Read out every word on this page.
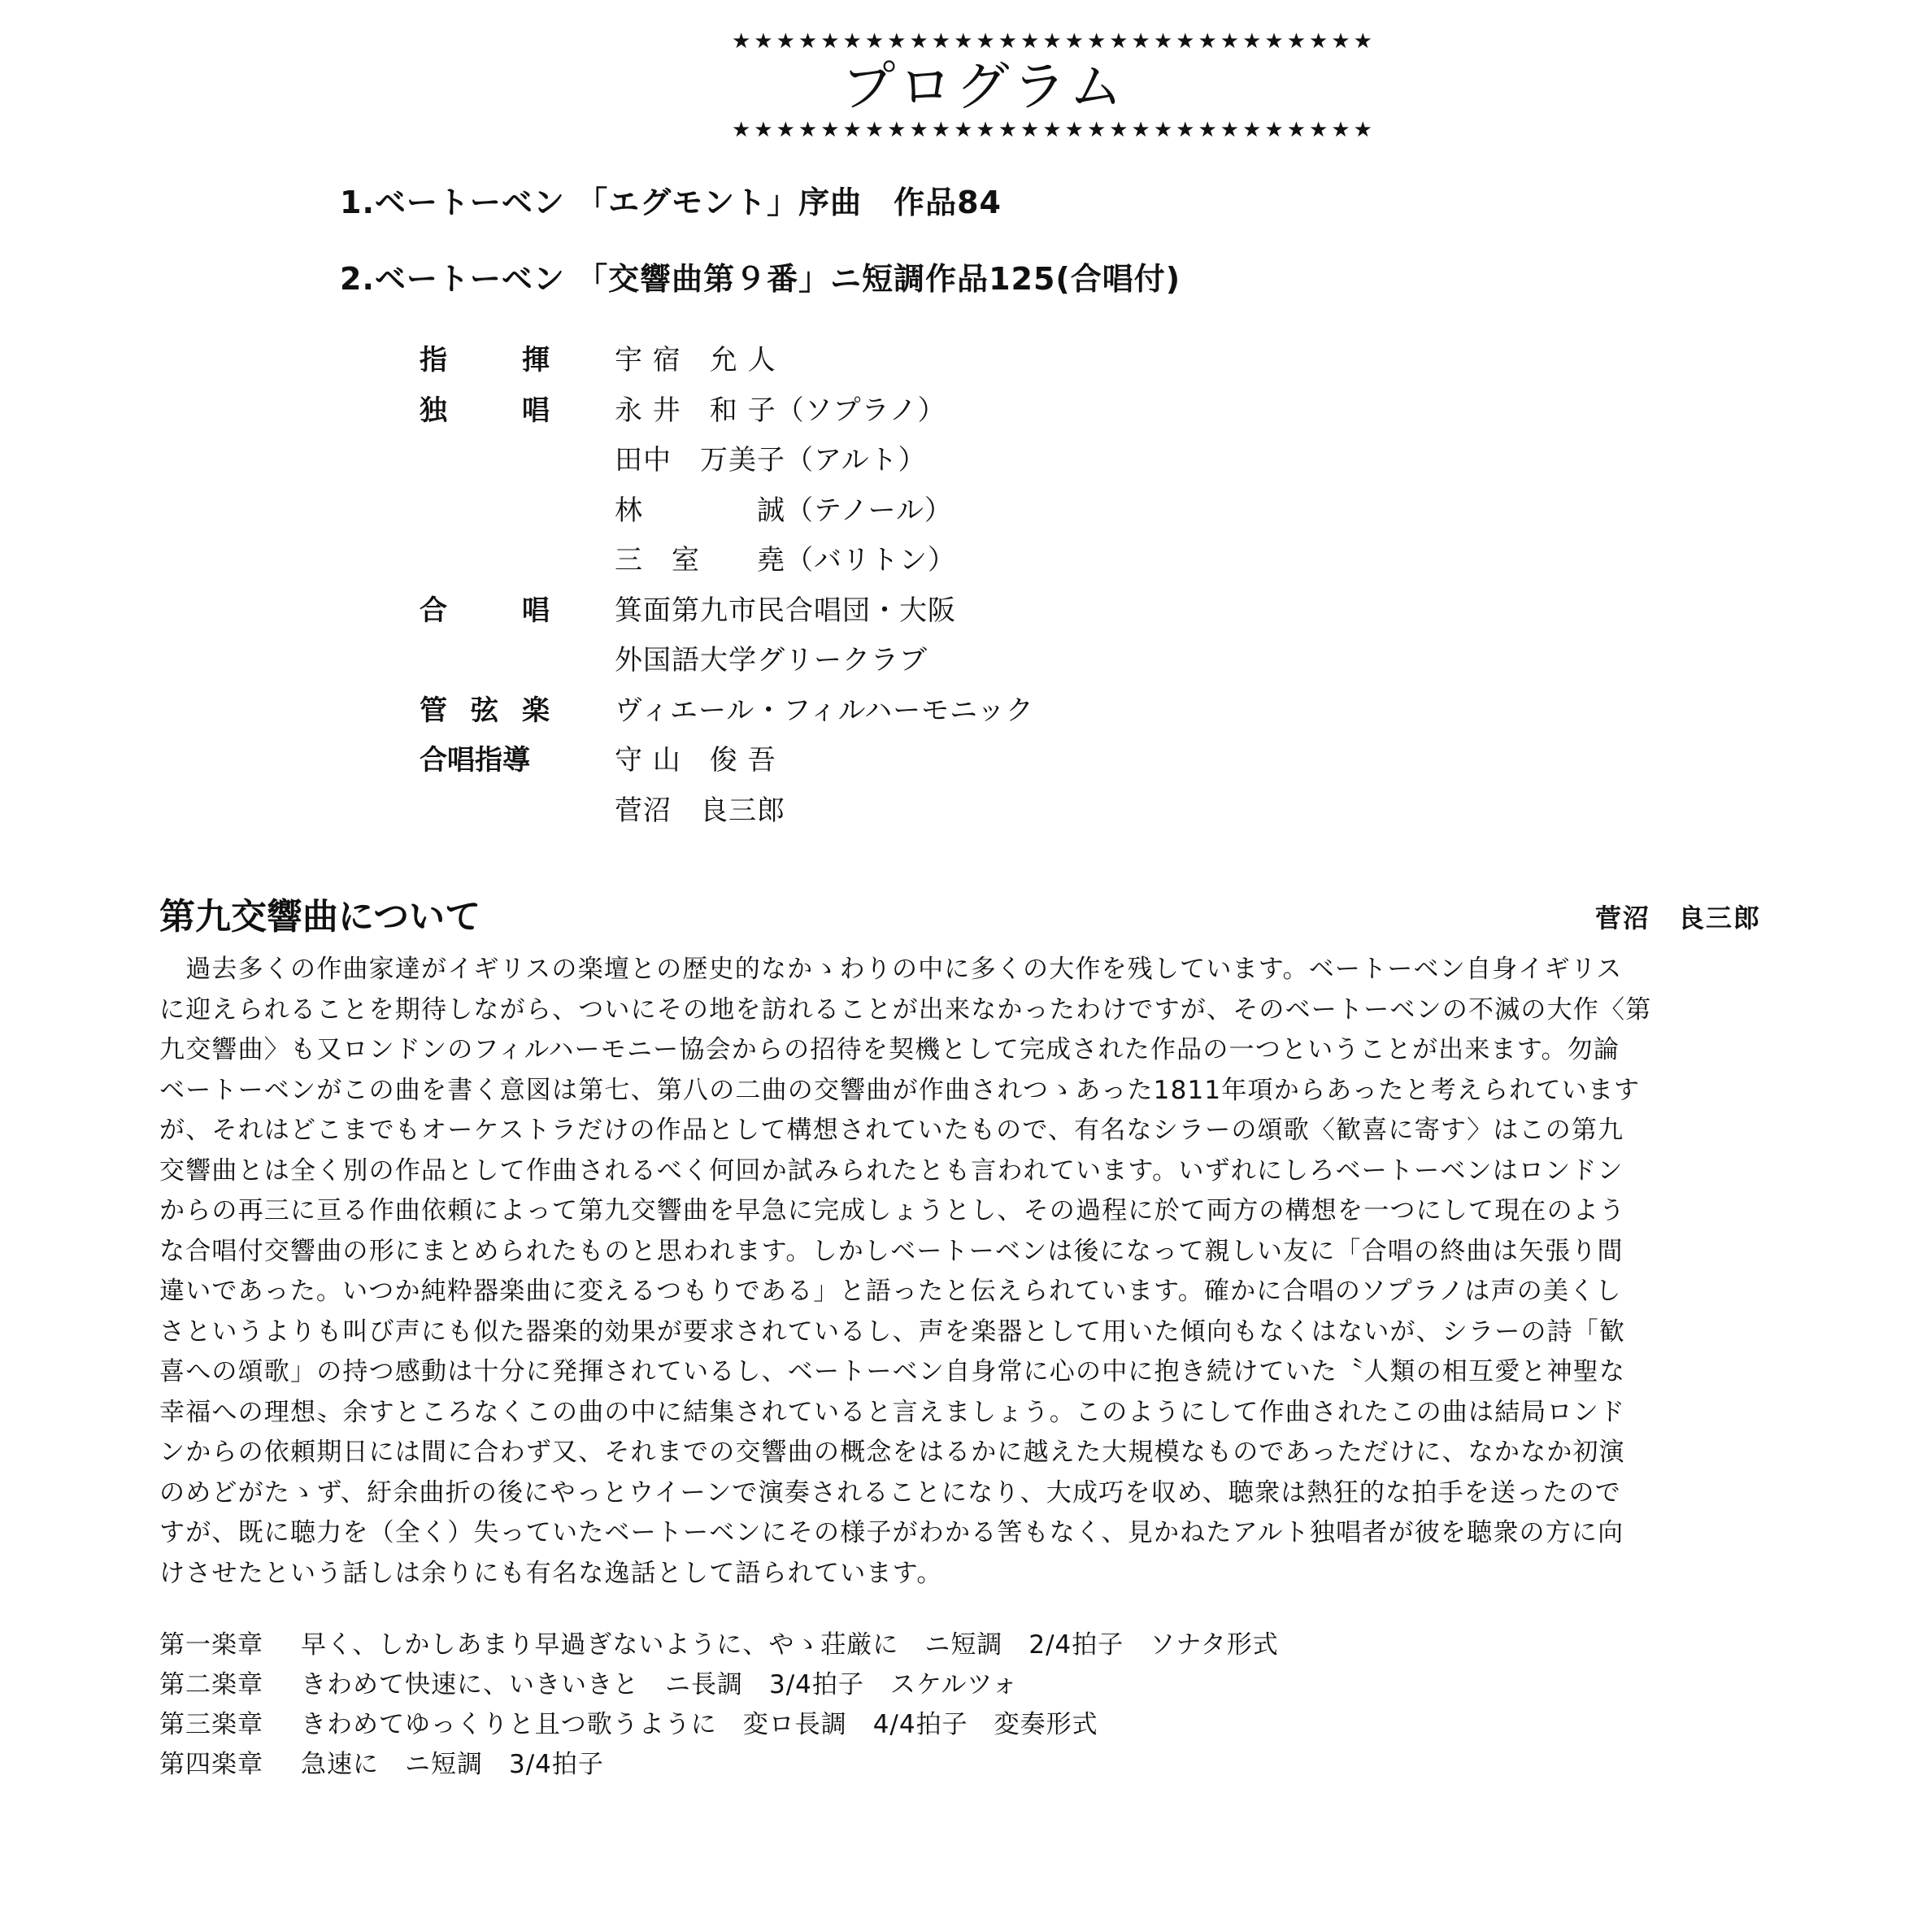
★★★★★★★★★★★★★★★★★★★★★★★★★★★★★
プログラム
★★★★★★★★★★★★★★★★★★★★★★★★★★★★★
1.ベートーベン 「エグモント」序曲　作品84
2.ベートーベン 「交響曲第９番」ニ短調作品125(合唱付)
指	揮 宇 宿　允 人
独	唱 永 井　和 子（ソプラノ）
田中　万美子（アルト）
林　　　　誠（テノール）
三　室　　堯（バリトン）
合	唱 箕面第九市民合唱団・大阪
外国語大学グリークラブ
管 弦 楽 ヴィエール・フィルハーモニック
合唱指導	守 山　俊 吾
菅沼　良三郎
第九交響曲について	菅沼　良三郎
　過去多くの作曲家達がイギリスの楽壇との歴史的なかゝわりの中に多くの大作を残しています。ベートーベン自身イギリス
に迎えられることを期待しながら、ついにその地を訪れることが出来なかったわけですが、そのベートーベンの不滅の大作〈第
九交響曲〉も又ロンドンのフィルハーモニー協会からの招待を契機として完成された作品の一つということが出来ます。勿論
ベートーベンがこの曲を書く意図は第七、第八の二曲の交響曲が作曲されつゝあった1811年項からあったと考えられています
が、それはどこまでもオーケストラだけの作品として構想されていたもので、有名なシラーの頌歌〈歓喜に寄す〉はこの第九
交響曲とは全く別の作品として作曲されるべく何回か試みられたとも言われています。いずれにしろベートーベンはロンドン
からの再三に亘る作曲依頼によって第九交響曲を早急に完成しょうとし、その過程に於て両方の構想を一つにして現在のよう
な合唱付交響曲の形にまとめられたものと思われます。しかしベートーベンは後になって親しい友に「合唱の終曲は矢張り間
違いであった。いつか純粋器楽曲に変えるつもりである」と語ったと伝えられています。確かに合唱のソプラノは声の美くし
さというよりも叫び声にも似た器楽的効果が要求されているし、声を楽器として用いた傾向もなくはないが、シラーの詩「歓
喜への頌歌」の持つ感動は十分に発揮されているし、ベートーベン自身常に心の中に抱き続けていた〝人類の相互愛と神聖な
幸福への理想〟余すところなくこの曲の中に結集されていると言えましょう。このようにして作曲されたこの曲は結局ロンド
ンからの依頼期日には間に合わず又、それまでの交響曲の概念をはるかに越えた大規模なものであっただけに、なかなか初演
のめどがたゝず、紆余曲折の後にやっとウイーンで演奏されることになり、大成巧を収め、聴衆は熱狂的な拍手を送ったので
すが、既に聴力を（全く）失っていたベートーベンにその様子がわかる筈もなく、見かねたアルト独唱者が彼を聴衆の方に向
けさせたという話しは余りにも有名な逸話として語られています。
第一楽章	早く、しかしあまり早過ぎないように、やゝ荘厳に　ニ短調　2/4拍子　ソナタ形式
第二楽章	きわめて快速に、いきいきと　ニ長調　3/4拍子　スケルツォ
第三楽章	きわめてゆっくりと且つ歌うように　変ロ長調　4/4拍子　変奏形式
第四楽章	急速に　ニ短調　3/4拍子
